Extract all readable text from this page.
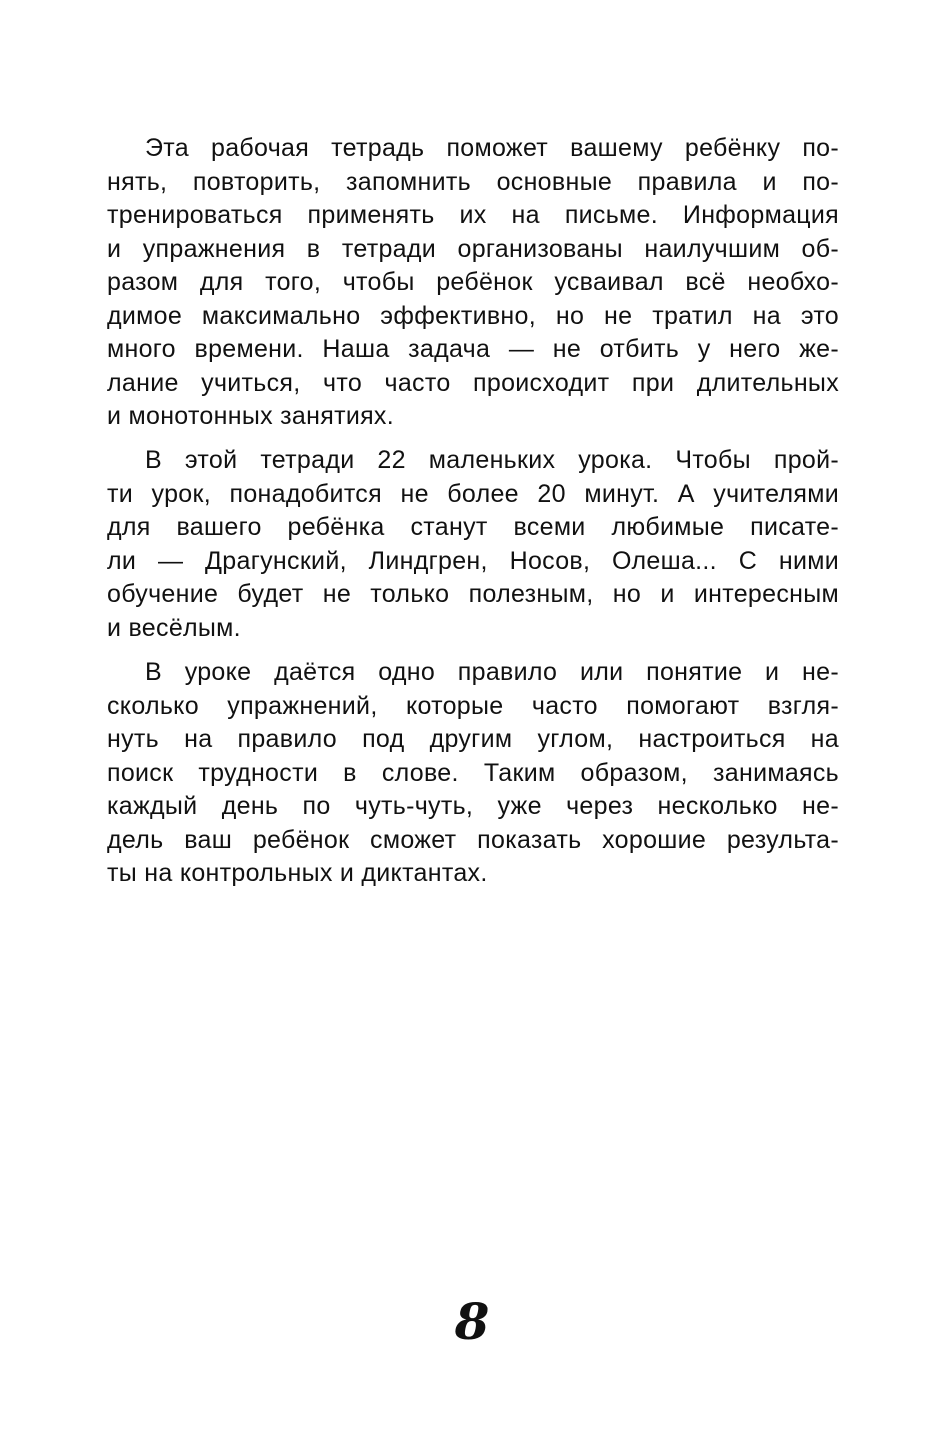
Эта рабочая тетрадь поможет вашему ребёнку по-
нять, повторить, запомнить основные правила и по-
тренироваться применять их на письме. Информация
и упражнения в тетради организованы наилучшим об-
разом для того, чтобы ребёнок усваивал всё необхо-
димое максимально эффективно, но не тратил на это
много времени. Наша задача — не отбить у него же-
лание учиться, что часто происходит при длительных
и монотонных занятиях.
В этой тетради 22 маленьких урока. Чтобы прой-
ти урок, понадобится не более 20 минут. А учителями
для вашего ребёнка станут всеми любимые писате-
ли — Драгунский, Линдгрен, Носов, Олеша... С ними
обучение будет не только полезным, но и интересным
и весёлым.
В уроке даётся одно правило или понятие и не-
сколько упражнений, которые часто помогают взгля-
нуть на правило под другим углом, настроиться на
поиск трудности в слове. Таким образом, занимаясь
каждый день по чуть-чуть, уже через несколько не-
дель ваш ребёнок сможет показать хорошие результа-
ты на контрольных и диктантах.
8
